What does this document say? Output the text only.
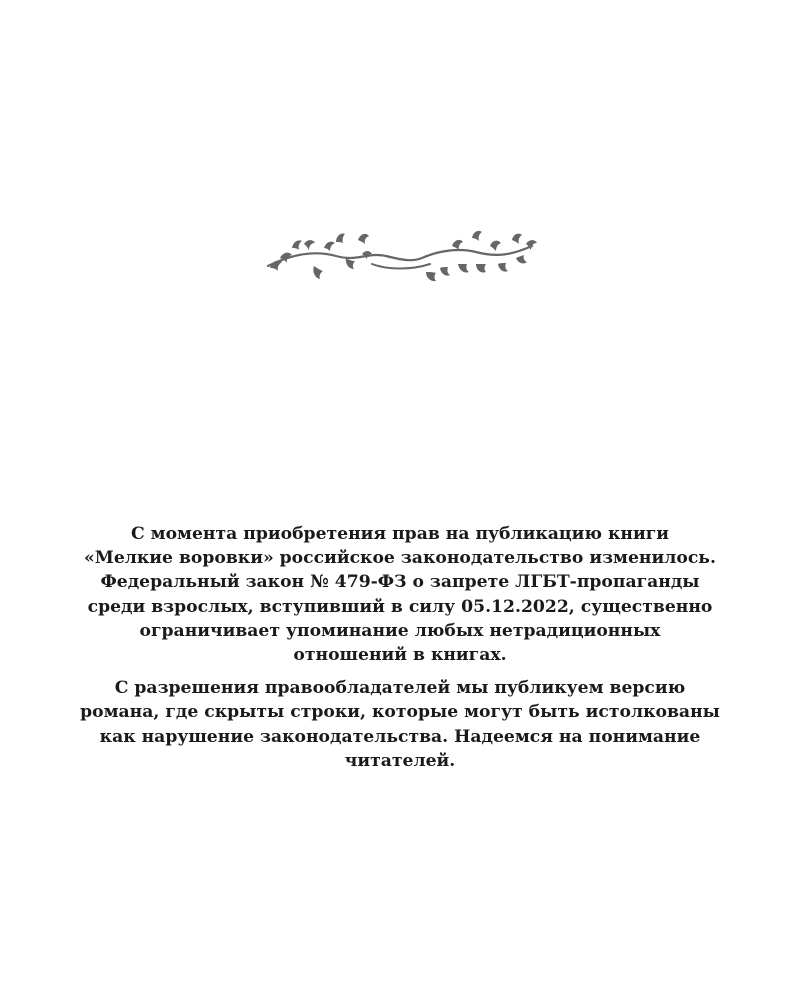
С момента приобретения прав на публикацию книги
«Мелкие воровки» российское законодательство изменилось.
Федеральный закон № 479-ФЗ о запрете ЛГБТ-пропаганды
среди взрослых, вступивший в силу 05.12.2022, существенно
ограничивает упоминание любых нетрадиционных
отношений в книгах.

С разрешения правообладателей мы публикуем версию
романа, где скрыты строки, которые могут быть истолкованы
как нарушение законодательства. Надеемся на понимание
читателей.
